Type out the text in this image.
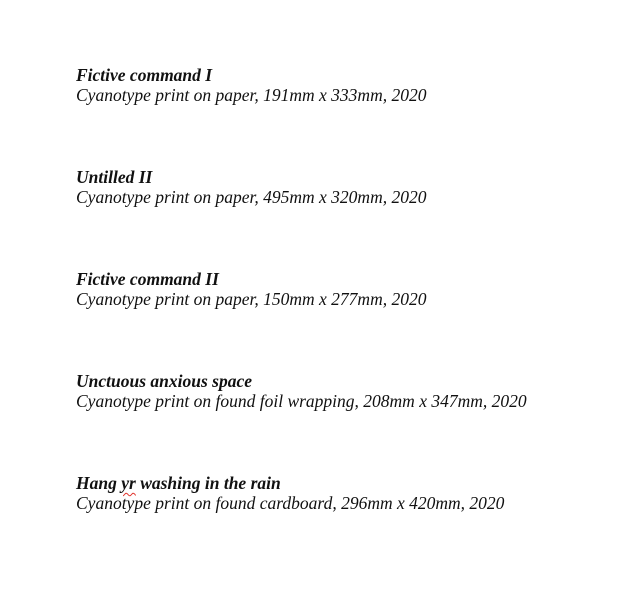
Fictive command I

Cyanotype print on paper, 191mm x 333mm, 2020

Untilled II

Cyanotype print on paper, 495mm x 320mm, 2020

Fictive command II

Cyanotype print on paper, 150mm x 277mm, 2020

Unctuous anxious space

Cyanotype print on found foil wrapping, 208mm x 347mm, 2020

Hang yr washing in the rain

Cyanotype print on found cardboard, 296mm x 420mm, 2020
